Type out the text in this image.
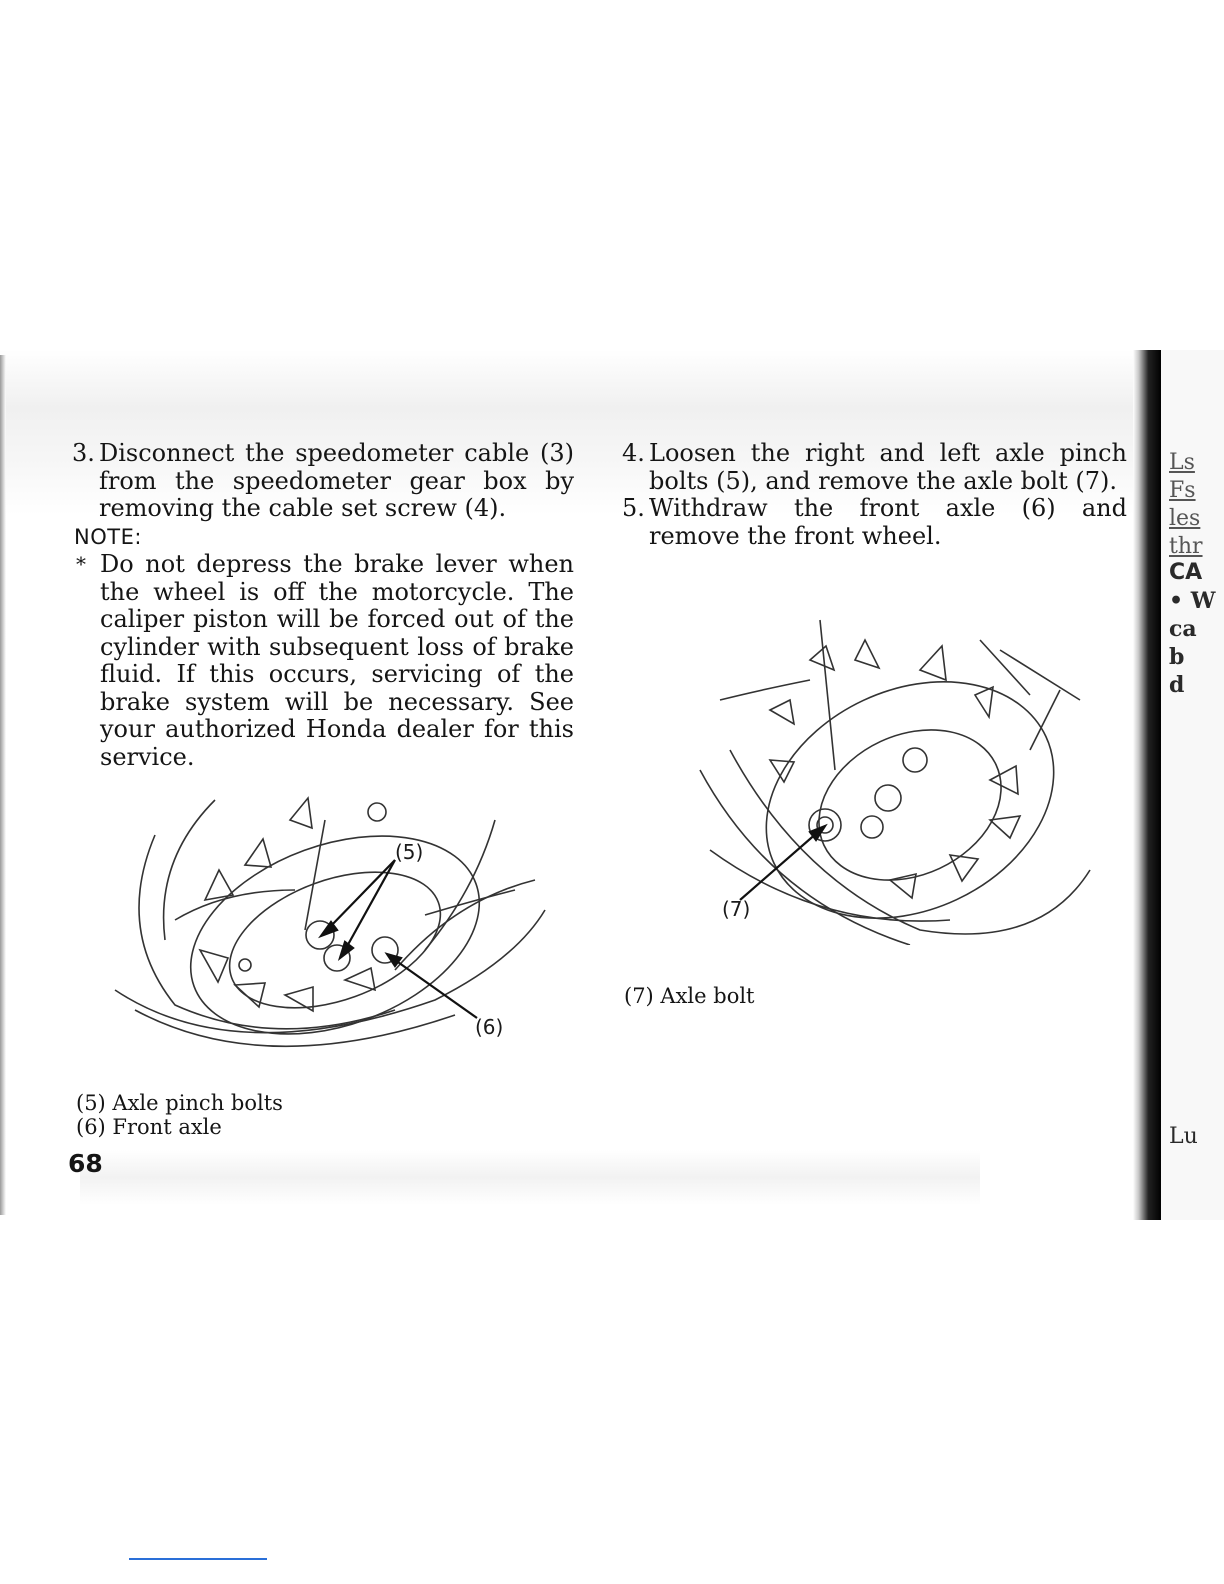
3. Disconnect the speedometer cable (3) from the speedometer gear box by removing the cable set screw (4).
NOTE:
* Do not depress the brake lever when the wheel is off the motorcycle. The caliper piston will be forced out of the cylinder with subsequent loss of brake fluid. If this occurs, servicing of the brake system will be necessary. See your authorized Honda dealer for this service.
4. Loosen the right and left axle pinch bolts (5), and remove the axle bolt (7).
5. Withdraw the front axle (6) and remove the front wheel.
(5)
(6)
(5) Axle pinch bolts
(6) Front axle
(7)
(7) Axle bolt
68
Ls
Fs
les
thr
CA
• W
ca
b
d
Lu
